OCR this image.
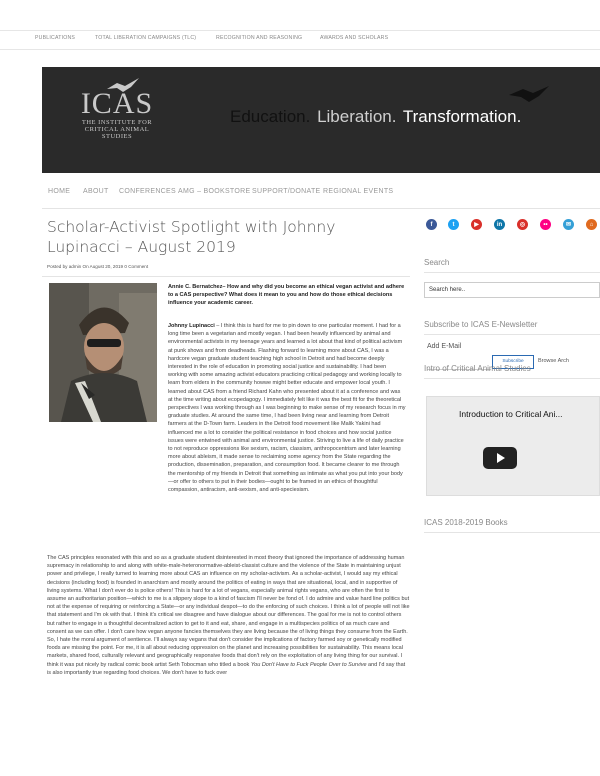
PUBLICATIONS	TOTAL LIBERATION CAMPAIGNS (TLC)	RECOGNITION AND REASONING	AWARDS AND SCHOLARS
ICAS
THE INSTITUTE FOR
CRITICAL ANIMAL
STUDIES
Education. Liberation. Transformation.
HOME ABOUT CONFERENCES AMG – BOOKSTORE SUPPORT/DONATE REGIONAL EVENTS
Scholar-Activist Spotlight with Johnny Lupinacci – August 2019
Posted by admin On August 20, 2019 0 Comment

Annie C. Bernatchez– How and why did you become an ethical vegan activist and adhere to a CAS perspective? What does it mean to you and how do those ethical decisions influence your academic career.

Johnny Lupinacci – I think this is hard for me to pin down to one particular moment. I had for a long time been a vegetarian and mostly vegan. I had been heavily influenced by animal and environmental activists in my teenage years and learned a lot about that kind of political activism at punk shows and from deadheads. Flashing forward to learning more about CAS, I was a hardcore vegan graduate student teaching high school in Detroit and had become deeply interested in the role of education in promoting social justice and sustainability. I had been working with some amazing activist educators practicing critical pedagogy and working locally to learn from elders in the community howwe might better educate and empower local youth. I learned about CAS from a friend Richard Kahn who presented about it at a conference and was at the time writing about ecopedagogy. I immediately felt like it was the best fit for the theoretical perspectives I was working through as I was beginning to make sense of my research focus in my graduate studies. At around the same time, I had been living near and learning from Detroit farmers at the D-Town farm. Leaders in the Detroit food movement like Malik Yakini had influenced me a lot to consider the political resistance in food choices and how social justice issues were entwined with animal and environmental justice. Striving to live a life of daily practice to not reproduce oppressions like sexism, racism, classism, anthropocentrism and later learning more about ableism, it made sense to reclaiming some agency from the State regarding the production, dissemination, preparation, and consumption food. It became clearer to me through the mentorship of my friends in Detroit that something as intimate as what you put into your body—or offer to others to put in their bodies—ought to be framed in an ethics of thoughtful compassion, antiracism, anti-sexism, and anti-speciesism.

The CAS principles resonated with this and so as a graduate student disinterested in most theory that ignored the importance of addressing human supremacy in relationship to and along with white-male-heteronormative-ableist-classist culture and the violence of the State in maintaining unjust power and privilege, I really turned to learning more about CAS an influence on my scholar-activism. As a scholar-activist, I would say my ethical decisions (including food) is founded in anarchism and mostly around the politics of eating in ways that are situational, local, and in supportive of living systems. What I don't ever do is police others! This is hard for a lot of vegans, especially animal rights vegans, who are often the first to assume an authoritarian position—which to me is a slippery slope to a kind of fascism I'll never be fond of. I do admire and value hard line politics but not at the expense of requiring or reinforcing a State—or any individual despot—to do the enforcing of such choices. I think a lot of people will not like that statement and I'm ok with that. I think it's critical we disagree and have dialogue about our differences. The goal for me is not to control others but rather to engage in a thoughtful decentralized action to get to it and eat, share, and engage in a multispecies politics of as much care and consent as we can offer. I don't care how vegan anyone fancies themselves they are living because the of living things they consume from the Earth. So, I hate the moral argument of sentience. I'll always say vegans that don't consider the implications of factory farmed soy or genetically modified foods are missing the point. For me, it is all about reducing oppression on the planet and increasing possibilities for sustainability. This means local markets, shared food, culturally relevant and geographically responsive foods that don't rely on the exploitation of any living thing for our survival. I think it was put nicely by radical comic book artist Seth Tobocman who titled a book You Don't Have to Fuck People Over to Survive and I'd say that is also importantly true regarding food choices. We don't have to fuck over

f	t	▶	in	◎	••	✉	⌂
Search
Search here..
Subscribe to ICAS E-Newsletter
Add E-Mail
Subscribe	Browse Arch
Intro of Critical Animal Studies
Introduction to Critical Ani...
ICAS 2018-2019 Books
